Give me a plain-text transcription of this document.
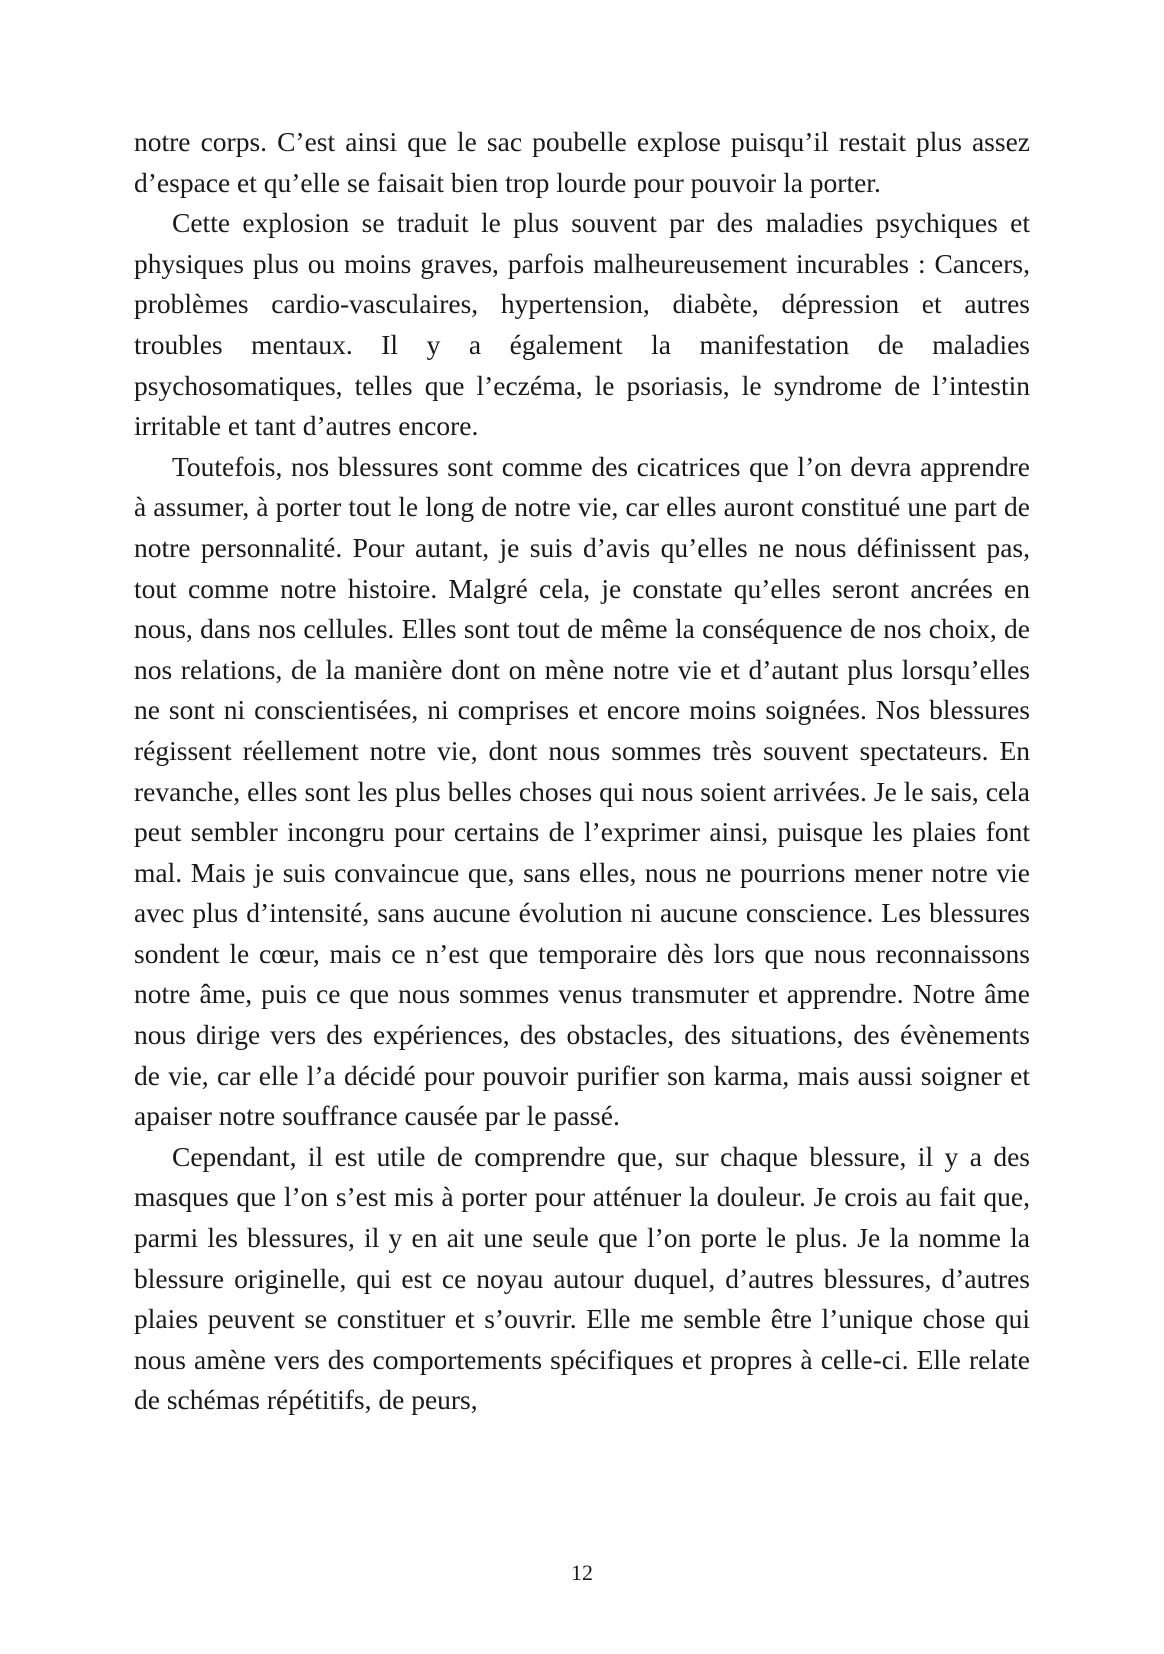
notre corps. C’est ainsi que le sac poubelle explose puisqu’il restait plus assez d’espace et qu’elle se faisait bien trop lourde pour pouvoir la porter.

Cette explosion se traduit le plus souvent par des maladies psychiques et physiques plus ou moins graves, parfois malheureusement incurables : Cancers, problèmes cardio-vasculaires, hypertension, diabète, dépression et autres troubles mentaux. Il y a également la manifestation de maladies psychosomatiques, telles que l’eczéma, le psoriasis, le syndrome de l’intestin irritable et tant d’autres encore.

Toutefois, nos blessures sont comme des cicatrices que l’on devra apprendre à assumer, à porter tout le long de notre vie, car elles auront constitué une part de notre personnalité. Pour autant, je suis d’avis qu’elles ne nous définissent pas, tout comme notre histoire. Malgré cela, je constate qu’elles seront ancrées en nous, dans nos cellules. Elles sont tout de même la conséquence de nos choix, de nos relations, de la manière dont on mène notre vie et d’autant plus lorsqu’elles ne sont ni conscientisées, ni comprises et encore moins soignées. Nos blessures régissent réellement notre vie, dont nous sommes très souvent spectateurs. En revanche, elles sont les plus belles choses qui nous soient arrivées. Je le sais, cela peut sembler incongru pour certains de l’exprimer ainsi, puisque les plaies font mal. Mais je suis convaincue que, sans elles, nous ne pourrions mener notre vie avec plus d’intensité, sans aucune évolution ni aucune conscience. Les blessures sondent le cœur, mais ce n’est que temporaire dès lors que nous reconnaissons notre âme, puis ce que nous sommes venus transmuter et apprendre. Notre âme nous dirige vers des expériences, des obstacles, des situations, des évènements de vie, car elle l’a décidé pour pouvoir purifier son karma, mais aussi soigner et apaiser notre souffrance causée par le passé.

Cependant, il est utile de comprendre que, sur chaque blessure, il y a des masques que l’on s’est mis à porter pour atténuer la douleur. Je crois au fait que, parmi les blessures, il y en ait une seule que l’on porte le plus. Je la nomme la blessure originelle, qui est ce noyau autour duquel, d’autres blessures, d’autres plaies peuvent se constituer et s’ouvrir. Elle me semble être l’unique chose qui nous amène vers des comportements spécifiques et propres à celle-ci. Elle relate de schémas répétitifs, de peurs,

12
